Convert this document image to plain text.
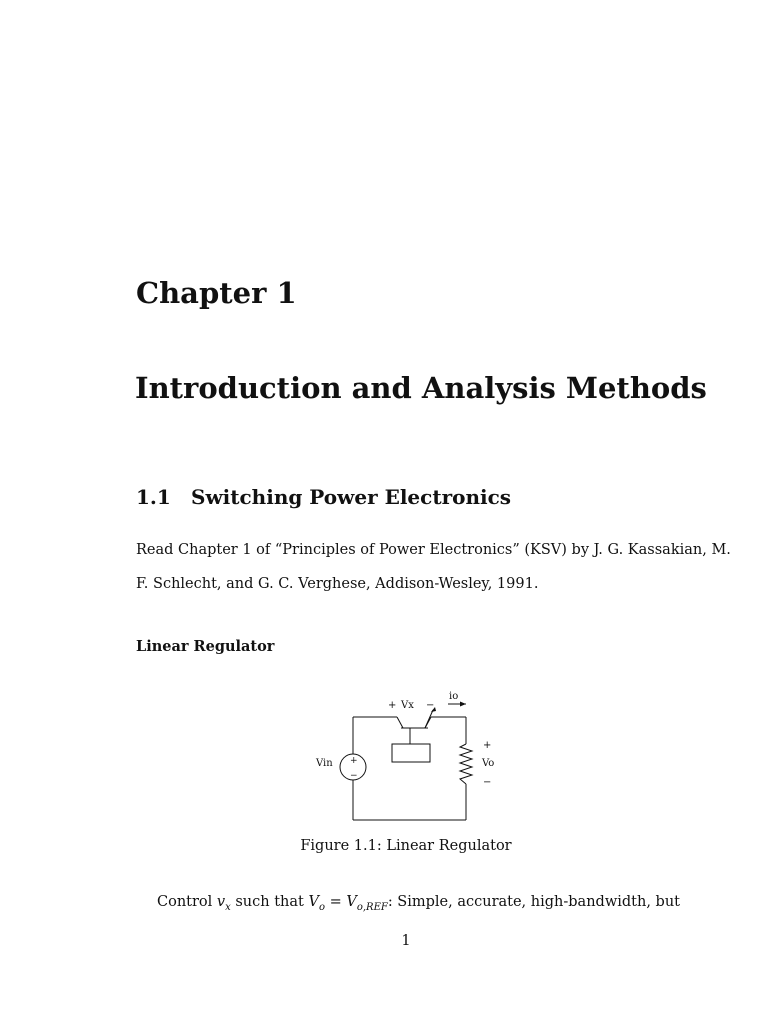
Chapter 1
Introduction and Analysis Methods
1.1 Switching Power Electronics
Read Chapter 1 of “Principles of Power Electronics” (KSV) by J. G. Kassakian, M.
F. Schlecht, and G. C. Verghese, Addison-Wesley, 1991.
Linear Regulator
+ Vx −
io
+
Vo
−
Vin +
−
Figure 1.1: Linear Regulator
Control $v_x$ such that $V_o = V_{o,REF}$: Simple, accurate, high-bandwidth, but
1
